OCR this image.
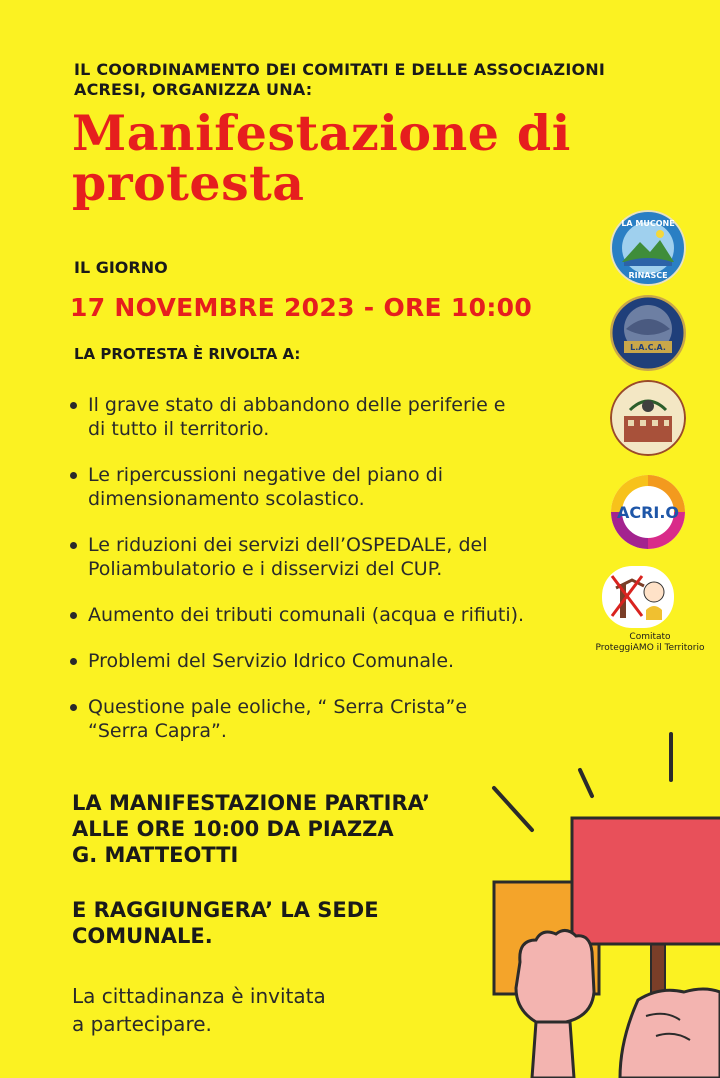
IL COORDINAMENTO DEI COMITATI E DELLE ASSOCIAZIONI
ACRESI, ORGANIZZA UNA:
Manifestazione di
protesta
IL GIORNO
17 NOVEMBRE 2023 - ORE 10:00
LA PROTESTA È RIVOLTA A:
Il grave stato di abbandono delle periferie e
di tutto il territorio.
Le ripercussioni negative del piano di
dimensionamento scolastico.
Le riduzioni dei servizi dell’OSPEDALE, del
Poliambulatorio e i disservizi del CUP.
Aumento dei tributi comunali (acqua e rifiuti).
Problemi del Servizio Idrico Comunale.
Questione pale eoliche, “ Serra Crista”e
“Serra Capra”.
LA MANIFESTAZIONE PARTIRA’
ALLE ORE 10:00 DA PIAZZA
G. MATTEOTTI
E RAGGIUNGERA’ LA SEDE
COMUNALE.
La cittadinanza è invitata
a partecipare.
LA MUCONE
RINASCE
L.A.C.A.
ACRI.O
Comitato
ProteggiAMO il Territorio
